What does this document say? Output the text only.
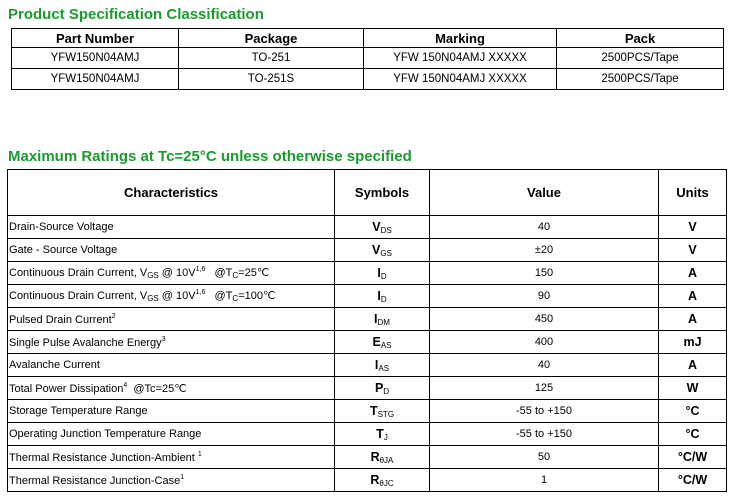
Product Specification Classification
Part Number	Package	Marking	Pack
YFW150N04AMJ	TO-251	YFW 150N04AMJ XXXXX	2500PCS/Tape
YFW150N04AMJ	TO-251S	YFW 150N04AMJ XXXXX	2500PCS/Tape
Maximum Ratings at Tc=25°C unless otherwise specified
Characteristics	Symbols	Value	Units
Drain-Source Voltage	VDS	40	V
Gate - Source Voltage	VGS	±20	V
Continuous Drain Current, $V_{GS}$ @ $10V^{1,6}$   $@T_C=25℃$	ID	150	A
Continuous Drain Current, $V_{GS}$ @ $10V^{1,6}$   $@T_C=100℃$	ID	90	A
Pulsed Drain Current$^2$	IDM	450	A
Single Pulse Avalanche Energy$^3$	EAS	400	mJ
Avalanche Current	IAS	40	A
Total Power Dissipation$^4$  @Tc=25℃	PD	125	W
Storage Temperature Range	TSTG	-55 to +150	°C
Operating Junction Temperature Range	TJ	-55 to +150	°C
Thermal Resistance Junction-Ambient $^1$	RθJA	50	°C/W
Thermal Resistance Junction-Case$^1$	RθJC	1	°C/W
